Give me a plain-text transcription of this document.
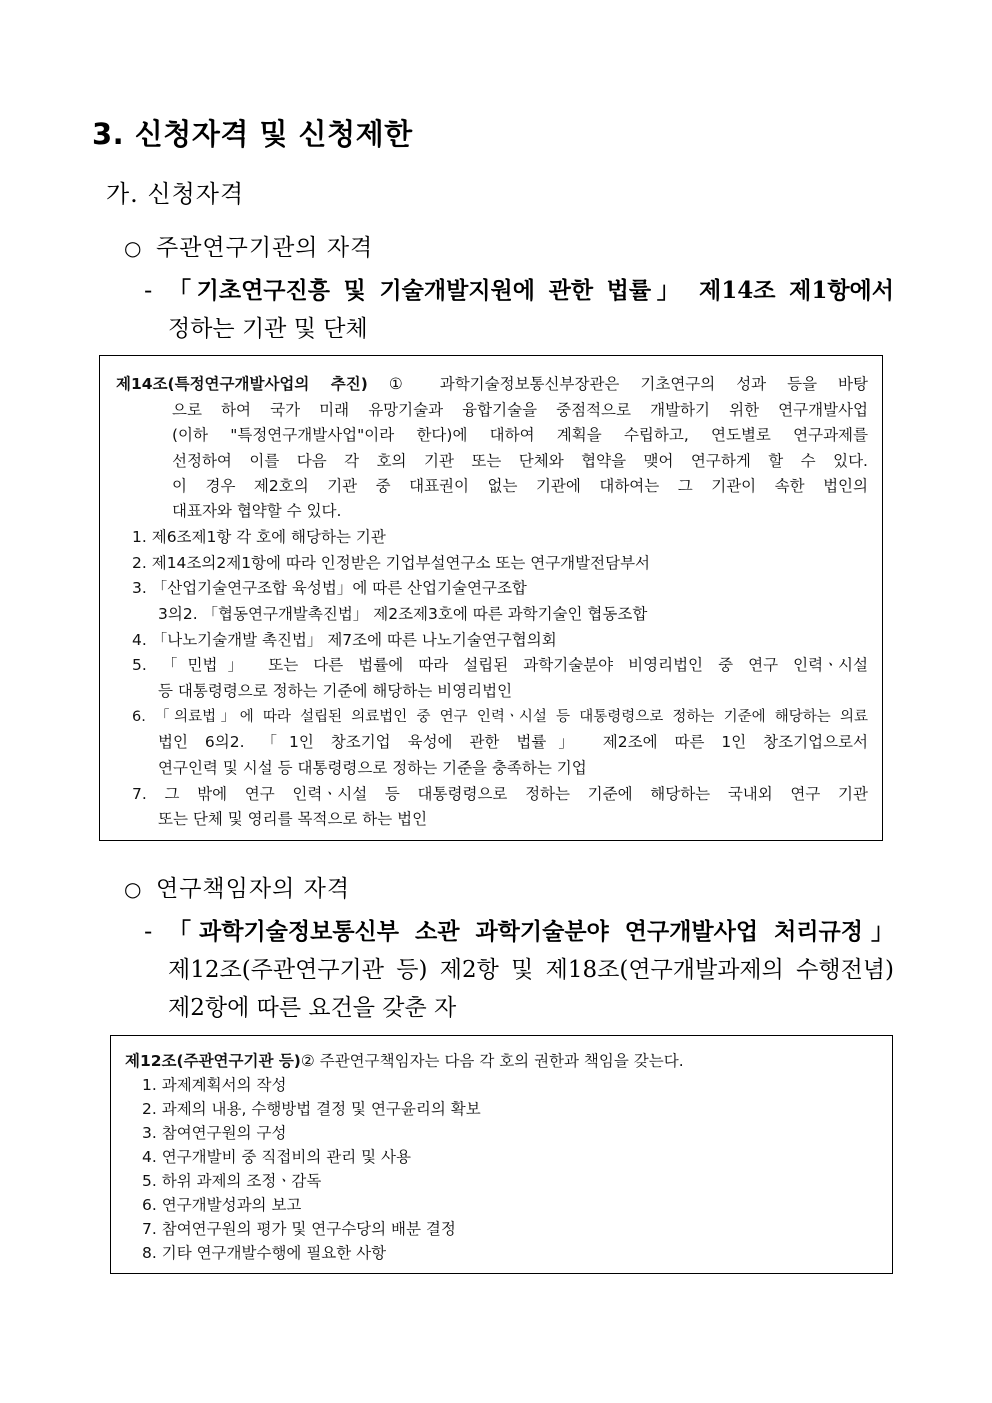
3. 신청자격 및 신청제한
가. 신청자격
○ 주관연구기관의 자격
- 「기초연구진흥 및 기술개발지원에 관한 법률」 제14조 제1항에서
정하는 기관 및 단체
제14조(특정연구개발사업의 추진) ① 과학기술정보통신부장관은 기초연구의 성과 등을 바탕
으로 하여 국가 미래 유망기술과 융합기술을 중점적으로 개발하기 위한 연구개발사업
(이하 "특정연구개발사업"이라 한다)에 대하여 계획을 수립하고, 연도별로 연구과제를
선정하여 이를 다음 각 호의 기관 또는 단체와 협약을 맺어 연구하게 할 수 있다.
이 경우 제2호의 기관 중 대표권이 없는 기관에 대하여는 그 기관이 속한 법인의
대표자와 협약할 수 있다.
1. 제6조제1항 각 호에 해당하는 기관
2. 제14조의2제1항에 따라 인정받은 기업부설연구소 또는 연구개발전담부서
3. 「산업기술연구조합 육성법」에 따른 산업기술연구조합
3의2. 「협동연구개발촉진법」 제2조제3호에 따른 과학기술인 협동조합
4. 「나노기술개발 촉진법」 제7조에 따른 나노기술연구협의회
5. 「민법」 또는 다른 법률에 따라 설립된 과학기술분야 비영리법인 중 연구 인력ㆍ시설
등 대통령령으로 정하는 기준에 해당하는 비영리법인
6. 「의료법」에 따라 설립된 의료법인 중 연구 인력ㆍ시설 등 대통령령으로 정하는 기준에 해당하는 의료
법인 6의2. 「1인 창조기업 육성에 관한 법률」 제2조에 따른 1인 창조기업으로서
연구인력 및 시설 등 대통령령으로 정하는 기준을 충족하는 기업
7. 그 밖에 연구 인력ㆍ시설 등 대통령령으로 정하는 기준에 해당하는 국내외 연구 기관
또는 단체 및 영리를 목적으로 하는 법인
○ 연구책임자의 자격
- 「과학기술정보통신부 소관 과학기술분야 연구개발사업 처리규정」
제12조(주관연구기관 등) 제2항 및 제18조(연구개발과제의 수행전념)
제2항에 따른 요건을 갖춘 자
제12조(주관연구기관 등)② 주관연구책임자는 다음 각 호의 권한과 책임을 갖는다.
1. 과제계획서의 작성
2. 과제의 내용, 수행방법 결정 및 연구윤리의 확보
3. 참여연구원의 구성
4. 연구개발비 중 직접비의 관리 및 사용
5. 하위 과제의 조정ㆍ감독
6. 연구개발성과의 보고
7. 참여연구원의 평가 및 연구수당의 배분 결정
8. 기타 연구개발수행에 필요한 사항
